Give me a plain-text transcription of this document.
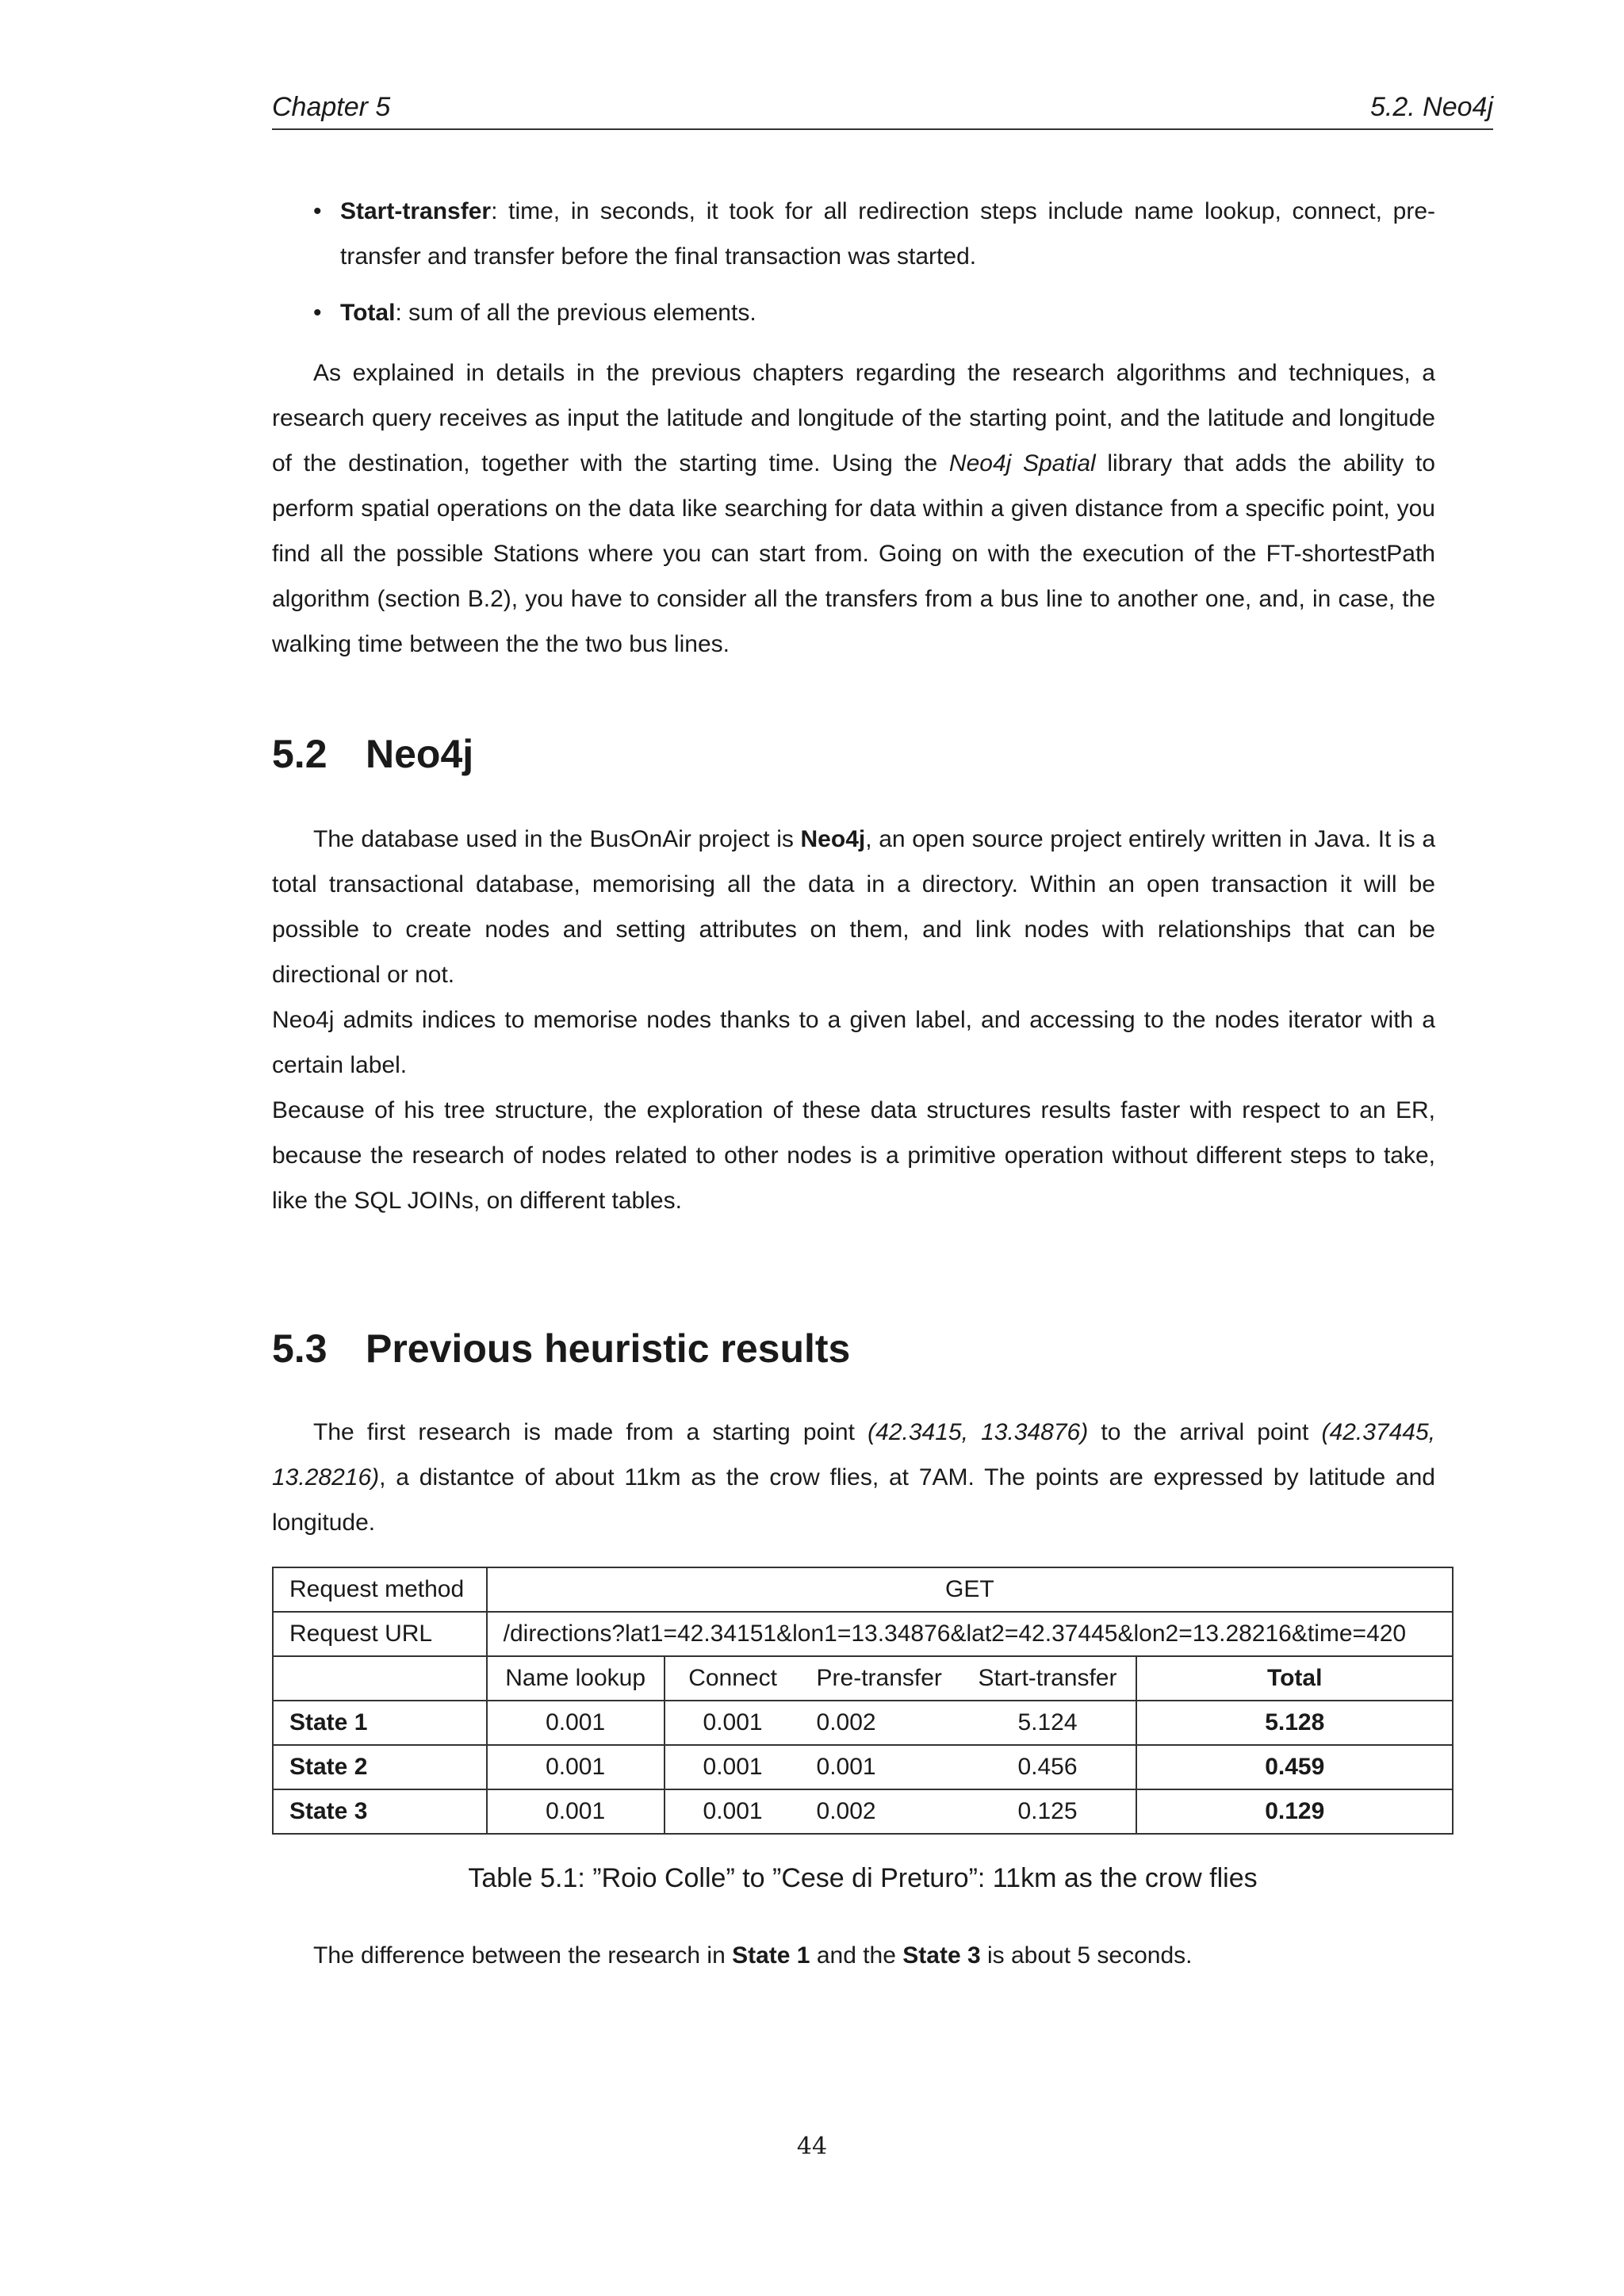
Chapter 5	5.2. Neo4j
• Start-transfer: time, in seconds, it took for all redirection steps include name lookup, connect, pre-transfer and transfer before the final transaction was started.
• Total: sum of all the previous elements.

As explained in details in the previous chapters regarding the research algorithms and techniques, a research query receives as input the latitude and longitude of the starting point, and the latitude and longitude of the destination, together with the starting time. Using the Neo4j Spatial library that adds the ability to perform spatial operations on the data like searching for data within a given distance from a specific point, you find all the possible Stations where you can start from. Going on with the execution of the FT-shortestPath algorithm (section B.2), you have to consider all the transfers from a bus line to another one, and, in case, the walking time between the the two bus lines.

5.2 Neo4j

The database used in the BusOnAir project is Neo4j, an open source project entirely written in Java. It is a total transactional database, memorising all the data in a directory. Within an open transaction it will be possible to create nodes and setting attributes on them, and link nodes with relationships that can be directional or not.

Neo4j admits indices to memorise nodes thanks to a given label, and accessing to the nodes iterator with a certain label.

Because of his tree structure, the exploration of these data structures results faster with respect to an ER, because the research of nodes related to other nodes is a primitive operation without different steps to take, like the SQL JOINs, on different tables.

5.3 Previous heuristic results

The first research is made from a starting point (42.3415, 13.34876) to the arrival point (42.37445, 13.28216), a distantce of about 11km as the crow flies, at 7AM. The points are expressed by latitude and longitude.

Request method	GET				
Request URL	/directions?lat1=42.34151&lon1=13.34876&lat2=42.37445&lon2=13.28216&time=420				
	Name lookup	Connect	Pre-transfer	Start-transfer	Total
State 1	0.001	0.001	0.002	5.124	5.128
State 2	0.001	0.001	0.001	0.456	0.459
State 3	0.001	0.001	0.002	0.125	0.129
Table 5.1: ”Roio Colle” to ”Cese di Preturo”: 11km as the crow flies

The difference between the research in State 1 and the State 3 is about 5 seconds.

44
